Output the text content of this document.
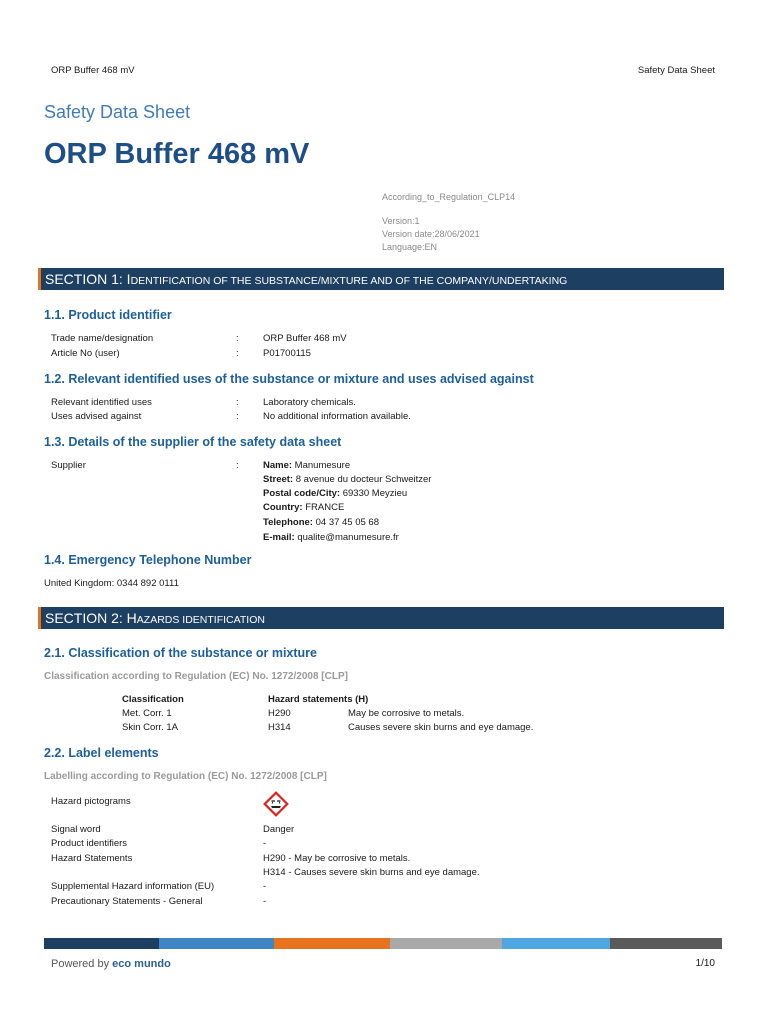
ORP Buffer 468 mV	Safety Data Sheet
Safety Data Sheet
ORP Buffer 468 mV
According_to_Regulation_CLP14
Version:1
Version date:28/06/2021
Language:EN
SECTION 1: IDENTIFICATION OF THE SUBSTANCE/MIXTURE AND OF THE COMPANY/UNDERTAKING
1.1. Product identifier
Trade name/designation	:	ORP Buffer 468 mV
Article No (user)	:	P01700115
1.2. Relevant identified uses of the substance or mixture and uses advised against
Relevant identified uses	:	Laboratory chemicals.
Uses advised against	:	No additional information available.
1.3. Details of the supplier of the safety data sheet
Supplier	:	Name: Manumesure
Street: 8 avenue du docteur Schweitzer
Postal code/City: 69330 Meyzieu
Country: FRANCE
Telephone: 04 37 45 05 68
E-mail: qualite@manumesure.fr
1.4. Emergency Telephone Number
United Kingdom: 0344 892 0111
SECTION 2: HAZARDS IDENTIFICATION
2.1. Classification of the substance or mixture
Classification according to Regulation (EC) No. 1272/2008 [CLP]
Classification	Hazard statements (H)
Met. Corr. 1	H290	May be corrosive to metals.
Skin Corr. 1A	H314	Causes severe skin burns and eye damage.
2.2. Label elements
Labelling according to Regulation (EC) No. 1272/2008 [CLP]
Hazard pictograms
Signal word	Danger
Product identifiers	-
Hazard Statements	H290 - May be corrosive to metals.
H314 - Causes severe skin burns and eye damage.
Supplemental Hazard information (EU)	-
Precautionary Statements - General	-
Powered by eco mundo	1/10
